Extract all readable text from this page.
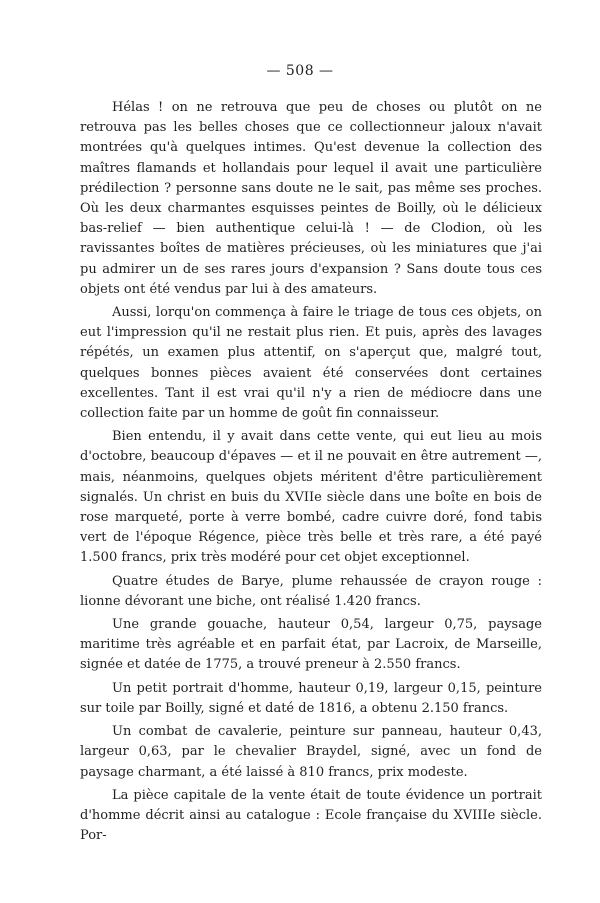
— 508 —

Hélas ! on ne retrouva que peu de choses ou plutôt on ne retrouva pas les belles choses que ce collectionneur jaloux n'avait montrées qu'à quelques intimes. Qu'est devenue la collection des maîtres flamands et hollandais pour lequel il avait une particulière prédilection ? personne sans doute ne le sait, pas même ses proches. Où les deux charmantes esquisses peintes de Boilly, où le délicieux bas-relief — bien authentique celui-là ! — de Clodion, où les ravissantes boîtes de matières précieuses, où les miniatures que j'ai pu admirer un de ses rares jours d'expansion ? Sans doute tous ces objets ont été vendus par lui à des amateurs.

Aussi, lorqu'on commença à faire le triage de tous ces objets, on eut l'impression qu'il ne restait plus rien. Et puis, après des lavages répétés, un examen plus attentif, on s'aperçut que, malgré tout, quelques bonnes pièces avaient été conservées dont certaines excellentes. Tant il est vrai qu'il n'y a rien de médiocre dans une collection faite par un homme de goût fin connaisseur.

Bien entendu, il y avait dans cette vente, qui eut lieu au mois d'octobre, beaucoup d'épaves — et il ne pouvait en être autrement —, mais, néanmoins, quelques objets méritent d'être particulièrement signalés. Un christ en buis du XVIIe siècle dans une boîte en bois de rose marqueté, porte à verre bombé, cadre cuivre doré, fond tabis vert de l'époque Régence, pièce très belle et très rare, a été payé 1.500 francs, prix très modéré pour cet objet exceptionnel.

Quatre études de Barye, plume rehaussée de crayon rouge : lionne dévorant une biche, ont réalisé 1.420 francs.

Une grande gouache, hauteur 0,54, largeur 0,75, paysage maritime très agréable et en parfait état, par Lacroix, de Marseille, signée et datée de 1775, a trouvé preneur à 2.550 francs.

Un petit portrait d'homme, hauteur 0,19, largeur 0,15, peinture sur toile par Boilly, signé et daté de 1816, a obtenu 2.150 francs.

Un combat de cavalerie, peinture sur panneau, hauteur 0,43, largeur 0,63, par le chevalier Braydel, signé, avec un fond de paysage charmant, a été laissé à 810 francs, prix modeste.

La pièce capitale de la vente était de toute évidence un portrait d'homme décrit ainsi au catalogue : Ecole française du XVIIIe siècle. Por-
